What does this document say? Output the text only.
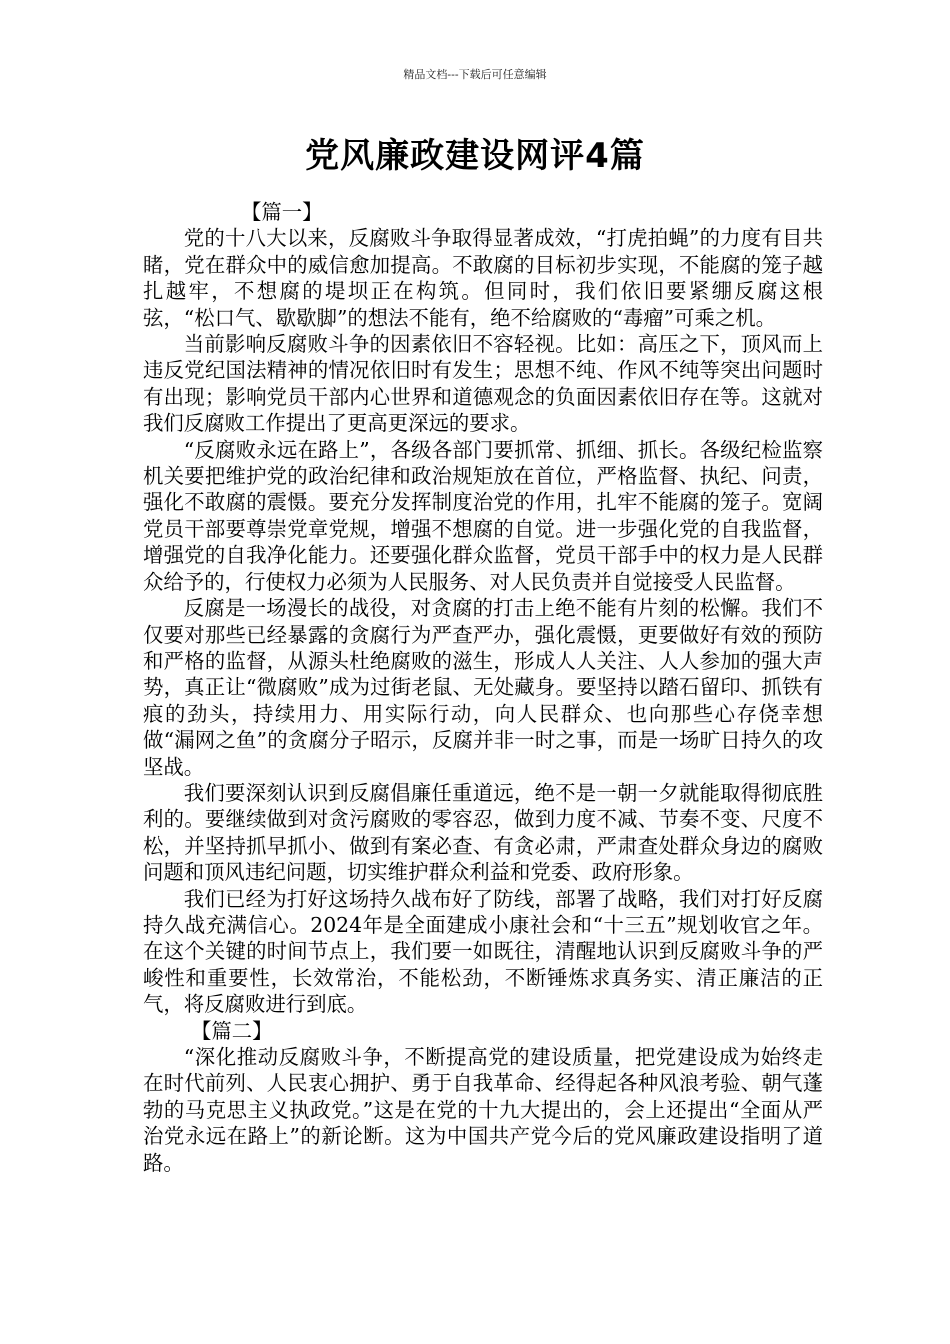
精品文档---下载后可任意编辑
党风廉政建设网评4篇

【篇一】

党的十八大以来，反腐败斗争取得显著成效，“打虎拍蝇”的力度有目共睹，党在群众中的威信愈加提高。不敢腐的目标初步实现，不能腐的笼子越扎越牢，不想腐的堤坝正在构筑。但同时，我们依旧要紧绷反腐这根弦，“松口气、歇歇脚”的想法不能有，绝不给腐败的“毒瘤”可乘之机。

当前影响反腐败斗争的因素依旧不容轻视。比如：高压之下，顶风而上违反党纪国法精神的情况依旧时有发生；思想不纯、作风不纯等突出问题时有出现；影响党员干部内心世界和道德观念的负面因素依旧存在等。这就对我们反腐败工作提出了更高更深远的要求。

“反腐败永远在路上”，各级各部门要抓常、抓细、抓长。各级纪检监察机关要把维护党的政治纪律和政治规矩放在首位，严格监督、执纪、问责，强化不敢腐的震慑。要充分发挥制度治党的作用，扎牢不能腐的笼子。宽阔党员干部要尊崇党章党规，增强不想腐的自觉。进一步强化党的自我监督，增强党的自我净化能力。还要强化群众监督，党员干部手中的权力是人民群众给予的，行使权力必须为人民服务、对人民负责并自觉接受人民监督。

反腐是一场漫长的战役，对贪腐的打击上绝不能有片刻的松懈。我们不仅要对那些已经暴露的贪腐行为严查严办，强化震慑，更要做好有效的预防和严格的监督，从源头杜绝腐败的滋生，形成人人关注、人人参加的强大声势，真正让“微腐败”成为过街老鼠、无处藏身。要坚持以踏石留印、抓铁有痕的劲头，持续用力、用实际行动，向人民群众、也向那些心存侥幸想做“漏网之鱼”的贪腐分子昭示，反腐并非一时之事，而是一场旷日持久的攻坚战。

我们要深刻认识到反腐倡廉任重道远，绝不是一朝一夕就能取得彻底胜利的。要继续做到对贪污腐败的零容忍，做到力度不减、节奏不变、尺度不松，并坚持抓早抓小、做到有案必查、有贪必肃，严肃查处群众身边的腐败问题和顶风违纪问题，切实维护群众利益和党委、政府形象。

我们已经为打好这场持久战布好了防线，部署了战略，我们对打好反腐持久战充满信心。2024年是全面建成小康社会和“十三五”规划收官之年。在这个关键的时间节点上，我们要一如既往，清醒地认识到反腐败斗争的严峻性和重要性，长效常治，不能松劲，不断锤炼求真务实、清正廉洁的正气，将反腐败进行到底。

【篇二】

“深化推动反腐败斗争，不断提高党的建设质量，把党建设成为始终走在时代前列、人民衷心拥护、勇于自我革命、经得起各种风浪考验、朝气蓬勃的马克思主义执政党。”这是在党的十九大提出的，会上还提出“全面从严治党永远在路上”的新论断。这为中国共产党今后的党风廉政建设指明了道路。
